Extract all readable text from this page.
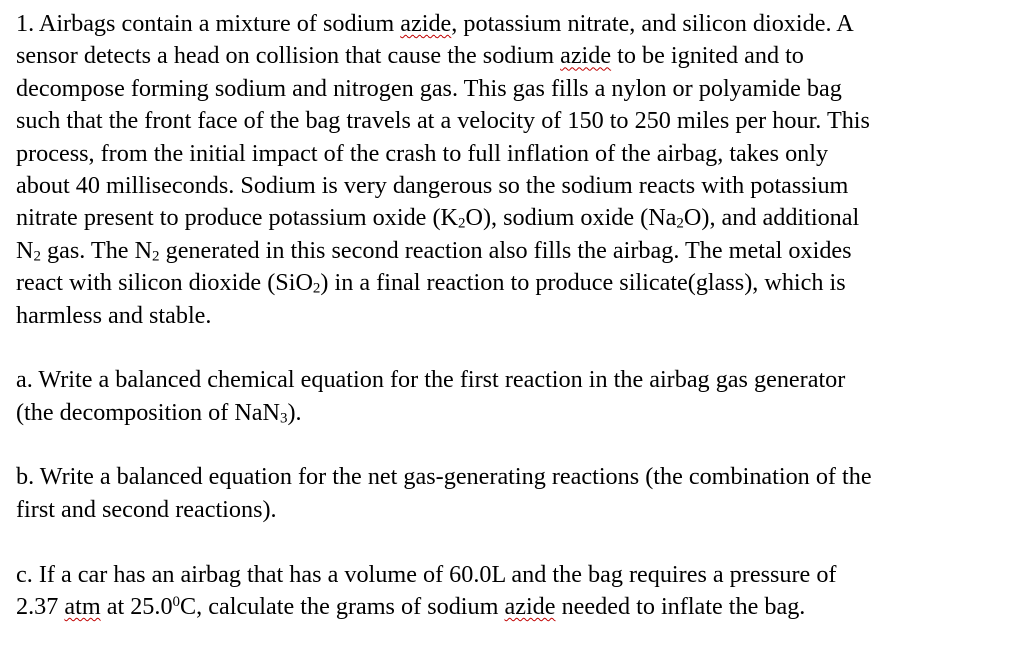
1. Airbags contain a mixture of sodium azide, potassium nitrate, and silicon dioxide. A
sensor detects a head on collision that cause the sodium azide to be ignited and to
decompose forming sodium and nitrogen gas. This gas fills a nylon or polyamide bag
such that the front face of the bag travels at a velocity of 150 to 250 miles per hour. This
process, from the initial impact of the crash to full inflation of the airbag, takes only
about 40 milliseconds. Sodium is very dangerous so the sodium reacts with potassium
nitrate present to produce potassium oxide $(K_2O)$, sodium oxide $(Na_2O)$, and additional
$N_2$ gas. The $N_2$ generated in this second reaction also fills the airbag. The metal oxides
react with silicon dioxide (SiO$_2$) in a final reaction to produce silicate(glass), which is
harmless and stable.
a. Write a balanced chemical equation for the first reaction in the airbag gas generator
(the decomposition of NaN$_3$).
b. Write a balanced equation for the net gas-generating reactions (the combination of the
first and second reactions).
c. If a car has an airbag that has a volume of 60.0L and the bag requires a pressure of
2.37 atm at 25.0$^0$C, calculate the grams of sodium azide needed to inflate the bag.
